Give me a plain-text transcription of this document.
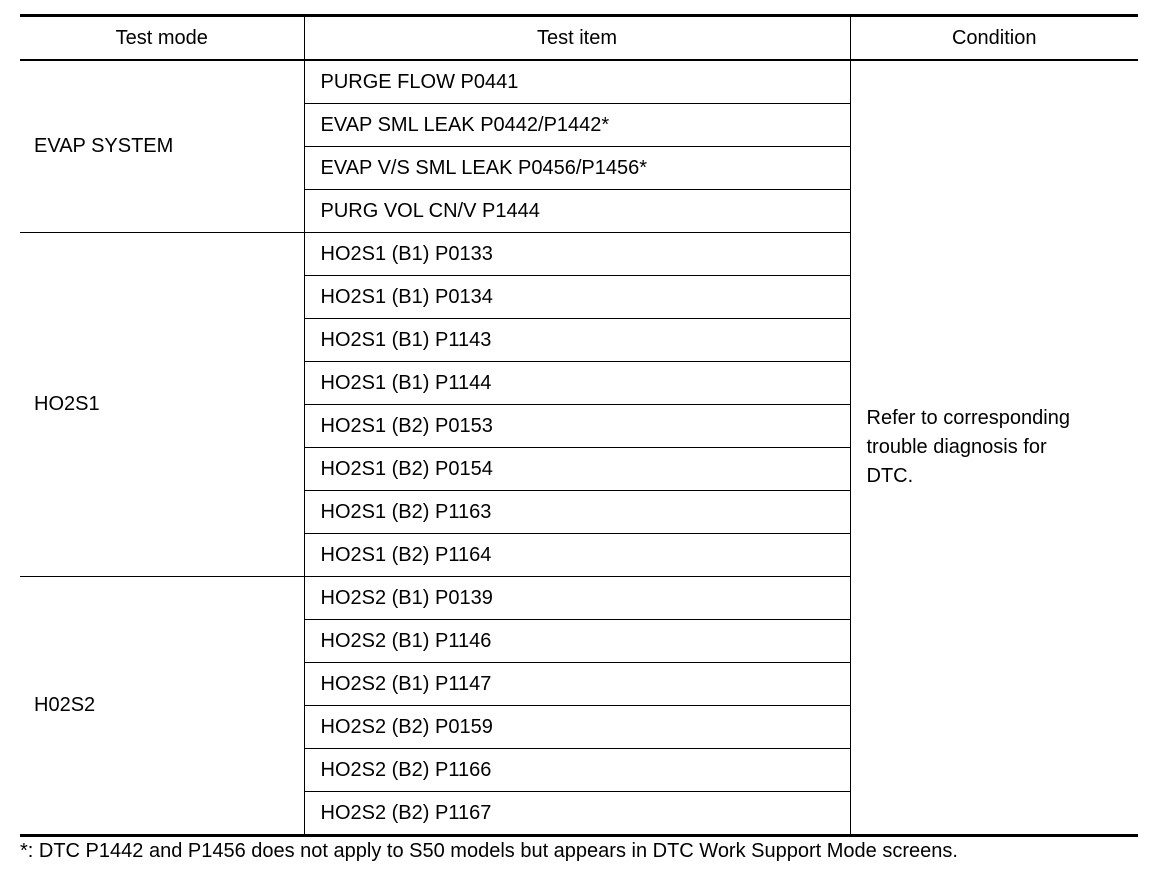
Test mode	Test item	Condition
EVAP SYSTEM	PURGE FLOW P0441	Refer to corresponding
trouble diagnosis for
DTC.

	EVAP SML LEAK P0442/P1442*	
	EVAP V/S SML LEAK P0456/P1456*	
	PURG VOL CN/V P1444	
HO2S1	HO2S1 (B1) P0133	
	HO2S1 (B1) P0134	
	HO2S1 (B1) P1143	
	HO2S1 (B1) P1144	
	HO2S1 (B2) P0153	
	HO2S1 (B2) P0154	
	HO2S1 (B2) P1163	
	HO2S1 (B2) P1164	
H02S2	HO2S2 (B1) P0139	
	HO2S2 (B1) P1146	
	HO2S2 (B1) P1147	
	HO2S2 (B2) P0159	
	HO2S2 (B2) P1166	
	HO2S2 (B2) P1167	
*: DTC P1442 and P1456 does not apply to S50 models but appears in DTC Work Support Mode screens.
